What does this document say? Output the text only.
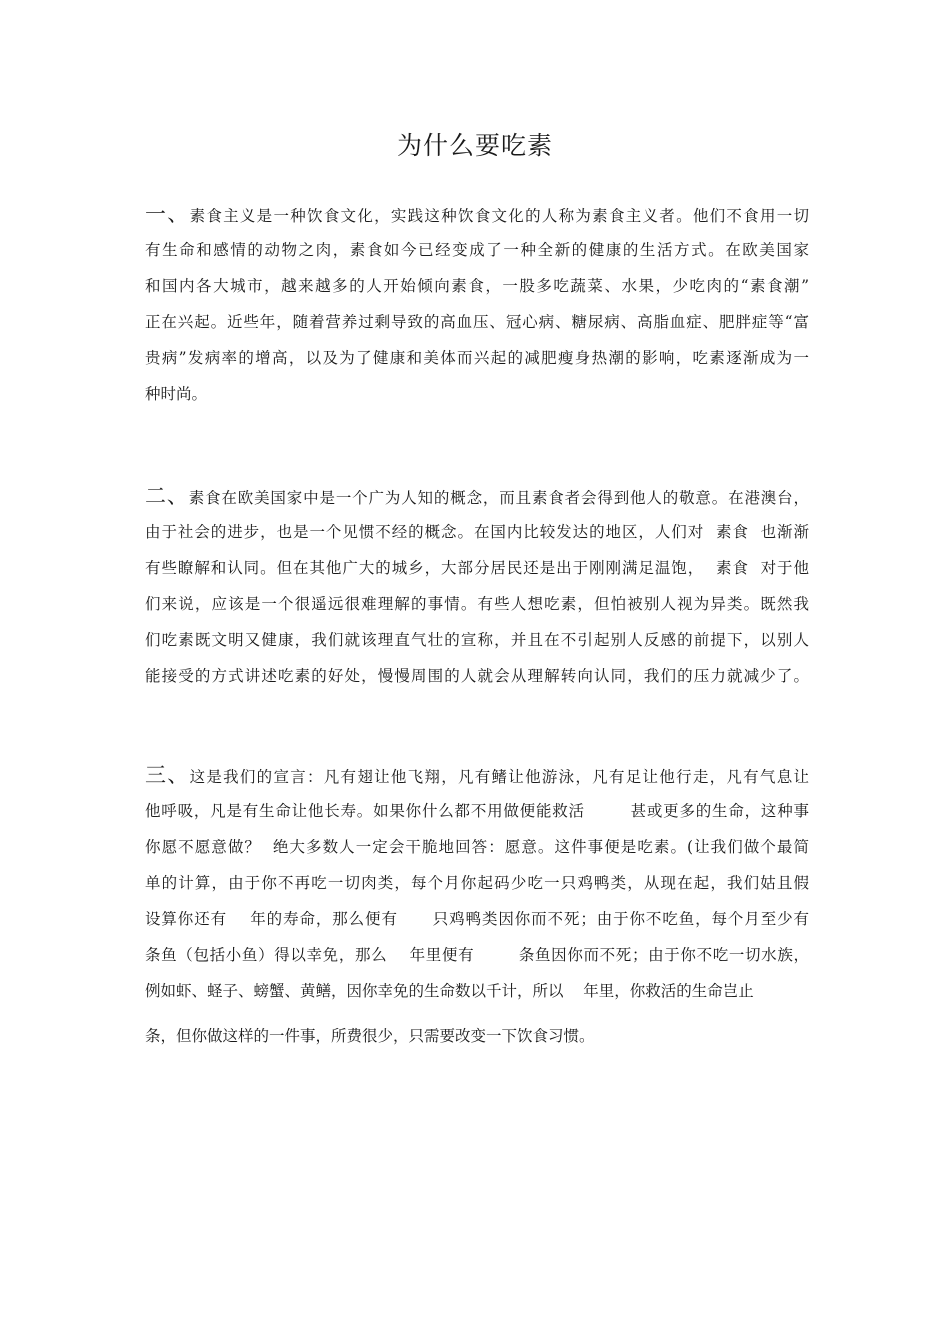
为什么要吃素
一、素食主义是一种饮食文化，实践这种饮食文化的人称为素食主义者。他们不食用一切
有生命和感情的动物之肉，素食如今已经变成了一种全新的健康的生活方式。在欧美国家
和国内各大城市，越来越多的人开始倾向素食，一股多吃蔬菜、水果，少吃肉的“素食潮”
正在兴起。近些年，随着营养过剩导致的高血压、冠心病、糖尿病、高脂血症、肥胖症等“富
贵病”发病率的增高，以及为了健康和美体而兴起的减肥瘦身热潮的影响，吃素逐渐成为一
种时尚。
二、素食在欧美国家中是一个广为人知的概念，而且素食者会得到他人的敬意。在港澳台，
由于社会的进步，也是一个见惯不经的概念。在国内比较发达的地区，人们对  素食  也渐渐
有些瞭解和认同。但在其他广大的城乡，大部分居民还是出于刚刚满足温饱，  素食  对于他
们来说，应该是一个很遥远很难理解的事情。有些人想吃素，但怕被别人视为异类。既然我
们吃素既文明又健康，我们就该理直气壮的宣称，并且在不引起别人反感的前提下，以别人
能接受的方式讲述吃素的好处，慢慢周围的人就会从理解转向认同，我们的压力就减少了。
三、这是我们的宣言：凡有翅让他飞翔，凡有鳍让他游泳，凡有足让他行走，凡有气息让
他呼吸，凡是有生命让他长寿。如果你什么都不用做便能救活        甚或更多的生命，这种事
你愿不愿意做？  绝大多数人一定会干脆地回答：愿意。这件事便是吃素。(让我们做个最简
单的计算，由于你不再吃一切肉类，每个月你起码少吃一只鸡鸭类，从现在起，我们姑且假
设算你还有    年的寿命，那么便有      只鸡鸭类因你而不死；由于你不吃鱼，每个月至少有
条鱼（包括小鱼）得以幸免，那么    年里便有        条鱼因你而不死；由于你不吃一切水族，
例如虾、蛏子、螃蟹、黄鳝，因你幸免的生命数以千计，所以    年里，你救活的生命岂止
条，但你做这样的一件事，所费很少，只需要改变一下饮食习惯。
